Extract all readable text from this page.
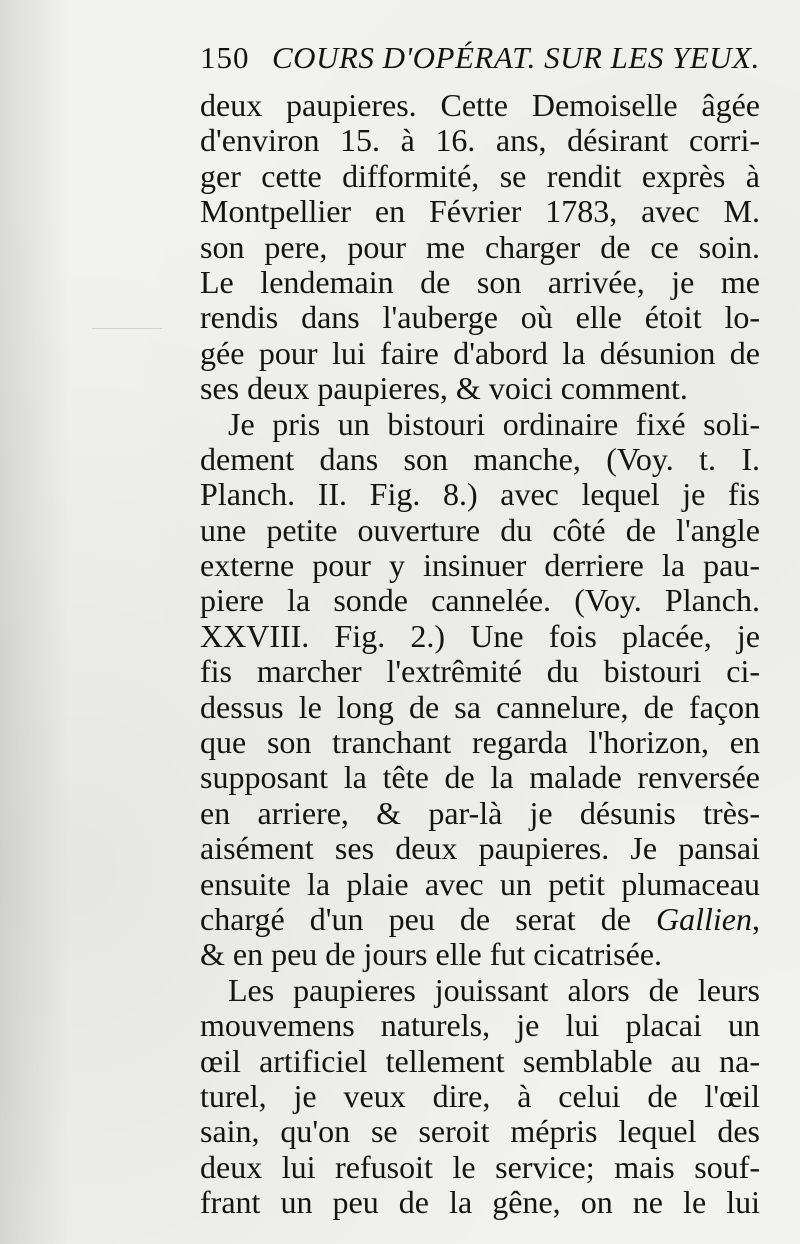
150 COURS D'OPÉRAT. SUR LES YEUX.
deux paupieres. Cette Demoiselle âgée
d'environ 15. à 16. ans, désirant corri-
ger cette difformité, se rendit exprès à
Montpellier en Février 1783, avec M.
son pere, pour me charger de ce soin.
Le lendemain de son arrivée, je me
rendis dans l'auberge où elle étoit lo-
gée pour lui faire d'abord la désunion de
ses deux paupieres, & voici comment.
Je pris un bistouri ordinaire fixé soli-
dement dans son manche, (Voy. t. I.
Planch. II. Fig. 8.) avec lequel je fis
une petite ouverture du côté de l'angle
externe pour y insinuer derriere la pau-
piere la sonde cannelée. (Voy. Planch.
XXVIII. Fig. 2.) Une fois placée, je
fis marcher l'extrêmité du bistouri ci-
dessus le long de sa cannelure, de façon
que son tranchant regarda l'horizon, en
supposant la tête de la malade renversée
en arriere, & par-là je désunis très-
aisément ses deux paupieres. Je pansai
ensuite la plaie avec un petit plumaceau
chargé d'un peu de serat de Gallien,
& en peu de jours elle fut cicatrisée.
Les paupieres jouissant alors de leurs
mouvemens naturels, je lui placai un
œil artificiel tellement semblable au na-
turel, je veux dire, à celui de l'œil
sain, qu'on se seroit mépris lequel des
deux lui refusoit le service; mais souf-
frant un peu de la gêne, on ne le lui
